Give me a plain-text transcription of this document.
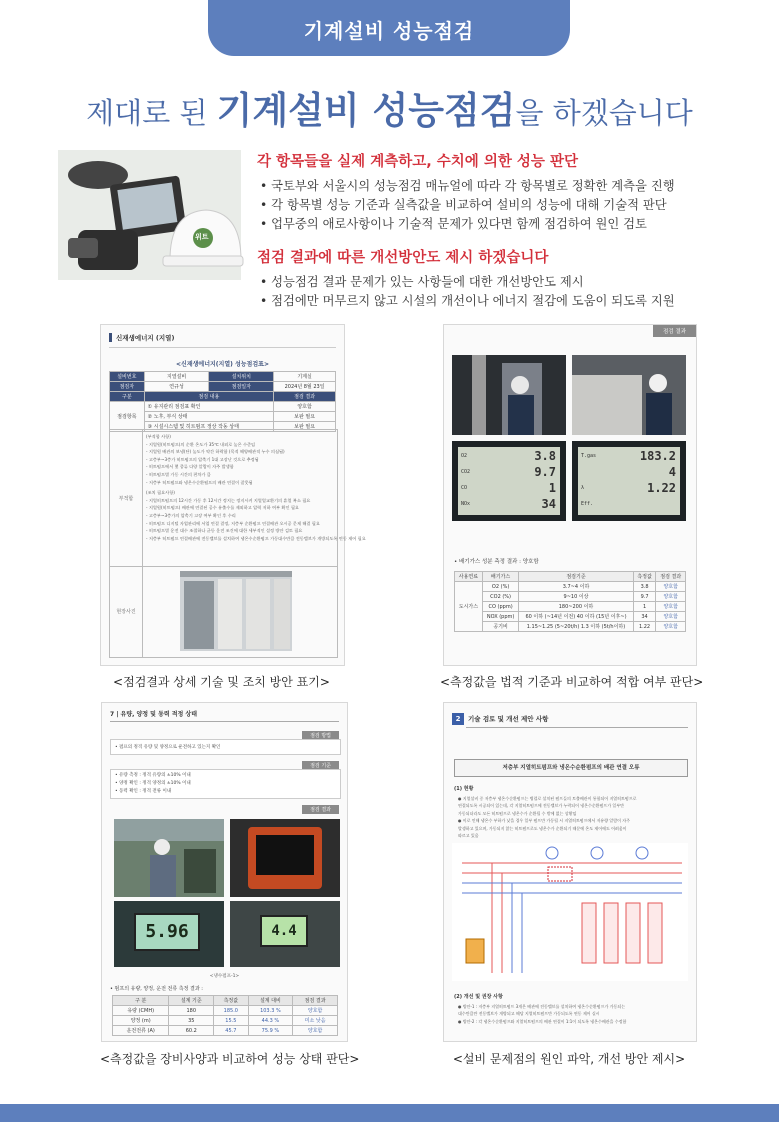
기계설비 성능점검
제대로 된 기계설비 성능점검을 하겠습니다
위트
각 항목들을 실제 계측하고, 수치에 의한 성능 판단
• 국토부와 서울시의 성능점검 매뉴얼에 따라 각 항목별로 정확한 계측을 진행
• 각 항목별 성능 기준과 실측값을 비교하여 설비의 성능에 대해 기술적 판단
• 업무중의 애로사항이나 기술적 문제가 있다면 함께 점검하여 원인 검토
점검 결과에 따른 개선방안도 제시 하겠습니다
• 성능점검 결과 문제가 있는 사항들에 대한 개선방안도 제시
• 점검에만 머무르지 않고 시설의 개선이나 에너지 절감에 도움이 되도록 지원
신재생에너지 (지열)
<신재생에너지(지열) 성능점검표>
설비번호	지열설비	설치위치	기계실
점검자	연규성	점검일자	2024년 8월 23일
구분	점검 내용		점검 결과
점검항목	① 유지관리 점검표 확인		양호함
	② 노후, 부식 상태		보완 필요
	③ 시설시스템 및 히트펌프 정상 작동 상태		보완 필요
부적합
(부적합 사항)
- 지열원(히트펌프)의 순환 온도가 35℃ 내외로 높은 수준임
- 지열원 배관의 보냉(단) 높도가 약간 하락함 (목적 해양배관적 누수 의심됨)
- 고층부~3층가 히트펌프의 압축기 1대 고장난 것으로 추정됨
- 히트펌프에서 몇 종류 다양 알람이 자주 발생함
- 히트펌프별 가동 시간의 편차가 큼
- 저층부 히트펌프와 냉온수순환펌프의 배관 연결이 잘못됨
(조치 필요사항)
- 지열히트펌프의 12시간 가동 후 12시간 정지는 정지시켜 지열열교환기의 휴열 복소 필요
- 지열원(히트펌프) 배관에 연결된 공수 유출수를 제외하고 압력 저하 여부 확인 필요
- 고층부~3층가의 압축기 고장 여부 확인 후 수리
- 히트펌프 디지털 자업관리에 서업 연결 결정, 저층부 순환펌프 연결배관 오시공 문제 해결 필요
- 히트펌프별 운전 대수 조절하나 균등 운전 조건에 대한 세부적인 설정 방안 검토 필요
- 저층부 히트펌프 연결배관에 전동밸브를 설치하여 냉온수순환펌프 가동대수만큼 전동밸브가 개방되도록 연동 제어 필요
현장사진
점검 결과
O2	3.8
CO2	9.7
CO	1
NOx	34
T.gas	183.2
4
λ	1.22
Eff.
• 배기가스 성분 측정 결과 : 양호함
사용연료	배기가스	점검기준	측정값	점검 결과
도시가스	O2 (%)	3.7~4 이하	3.8	양호함
	CO2 (%)	9~10 이상	9.7	양호함
	CO (ppm)	180~200 이하	1	양호함
	NOX (ppm)	60 이하 (~14년 이전) 40 이하 (15년 이후~)	34	양호함
	공기비	1.15~1.25 (5~20t/h) 1.3 이하 (5t/h이하)	1.22	양호함
<점검결과 상세 기술 및 조치 방안 표기>	<측정값을 법적 기준과 비교하여 적합 여부 판단>
7 | 유량, 양정 및 동력 적정 상태
점검 방법
• 펌프의 정격 유량 및 양정으로 운전하고 있는지 확인
점검 기준
• 유량 측정 : 정격 유량의 ±10% 이내
• 양정 확인 : 정격 양정의 ±10% 이내
• 동력 확인 : 정격 전류 이내
점검 결과
5.96	4.4
<냉수펌프-1>
• 펌프의 유량, 양정, 운전 전류 측정 결과 :
구 분	설계 기준	측정값	설계 대비	점검 결과
유량 (CMH)	180	185.0	103.3 %	양호함
양정 (m)	35	15.5	44.3 %	미소 낮음
운전전류 (A)	60.2	45.7	75.9 %	양호함
2	기술 검토 및 개선 제안 사항
저층부 지열히트펌프와 냉온수순환펌프의 배관 연결 오류
(1) 현황
● 지열설비 중 저층부 냉온수순환펌프는 병렬로 설치된 펌프들의 토출배관이 통합되어 지열히트펌프로
연결되도록 시공되어 있는데, 각 지열히트펌프에 전동밸브가 누락되어 냉온수순환펌프가 일부만
가동되더라도 모든 히트펌프로 냉온수가 순환될 수 밖에 없는 상황임
● 이로 인해 냉온수 부하가 낮을 경우 일부 펌프만 가동될 시 지열히트펌프에서 저유량 알람이 자주
발생하고 있으며, 가동되지 않는 히트펌프로도 냉온수가 순환되기 때문에 온도 제어에도 어려움이
따르고 있음
(2) 개선 및 권장 사항
● 방안-1 : 저층부 지열히트펌프 3개은 배관에 전동밸브를 설치하여 냉온수순환펌프가 가동되는
대수만큼만 전동밸브가 개방되고 해당 지열히트펌프만 가동되도록 연동 제어 실시
● 방안-2 : 각 냉온수순환펌프와 지열히트펌프의 배관 연결이 1:1이 되도록 냉온수배관을 수정함
<측정값을 장비사양과 비교하여 성능 상태 판단>	<설비 문제점의 원인 파악, 개선 방안 제시>
